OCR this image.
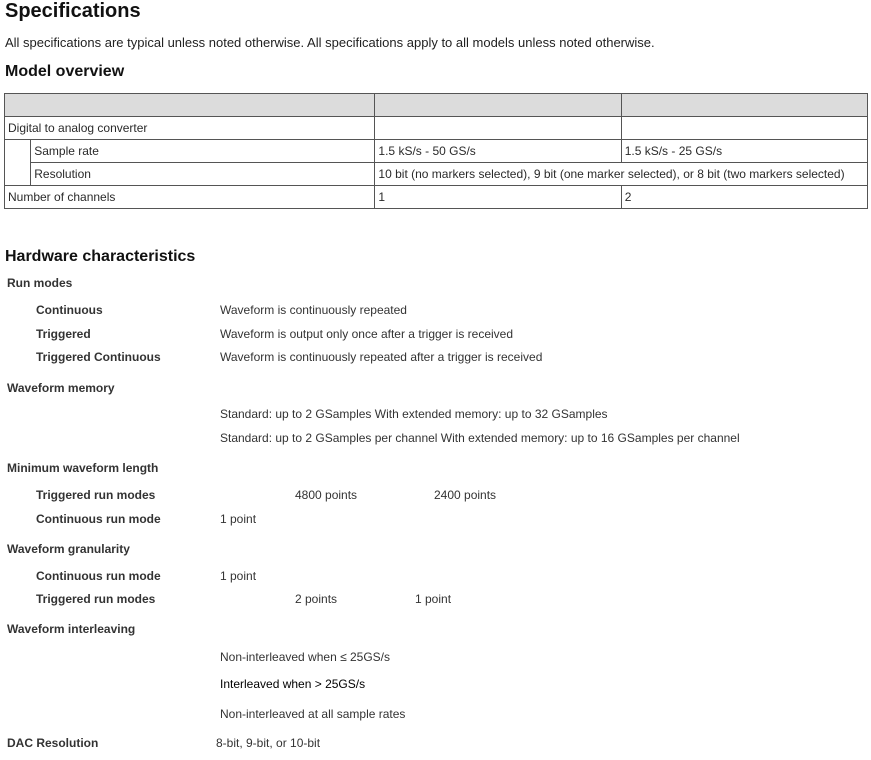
Specifications
All specifications are typical unless noted otherwise. All specifications apply to all models unless noted otherwise.
Model overview

Digital to analog converter			
	Sample rate	1.5 kS/s - 50 GS/s	1.5 kS/s - 25 GS/s
	Resolution	10 bit (no markers selected), 9 bit (one marker selected), or 8 bit (two markers selected)	
Number of channels		1	2
Hardware characteristics
Run modes
Continuous	Waveform is continuously repeated
Triggered	Waveform is output only once after a trigger is received
Triggered Continuous	Waveform is continuously repeated after a trigger is received
Waveform memory
Standard: up to 2 GSamples With extended memory: up to 32 GSamples
Standard: up to 2 GSamples per channel With extended memory: up to 16 GSamples per channel
Minimum waveform length
Triggered run modes	4800 points	2400 points
Continuous run mode	1 point
Waveform granularity
Continuous run mode	1 point
Triggered run modes	2 points	1 point
Waveform interleaving
Non-interleaved when ≤ 25GS/s
Interleaved when > 25GS/s
Non-interleaved at all sample rates
DAC Resolution	8-bit, 9-bit, or 10-bit
